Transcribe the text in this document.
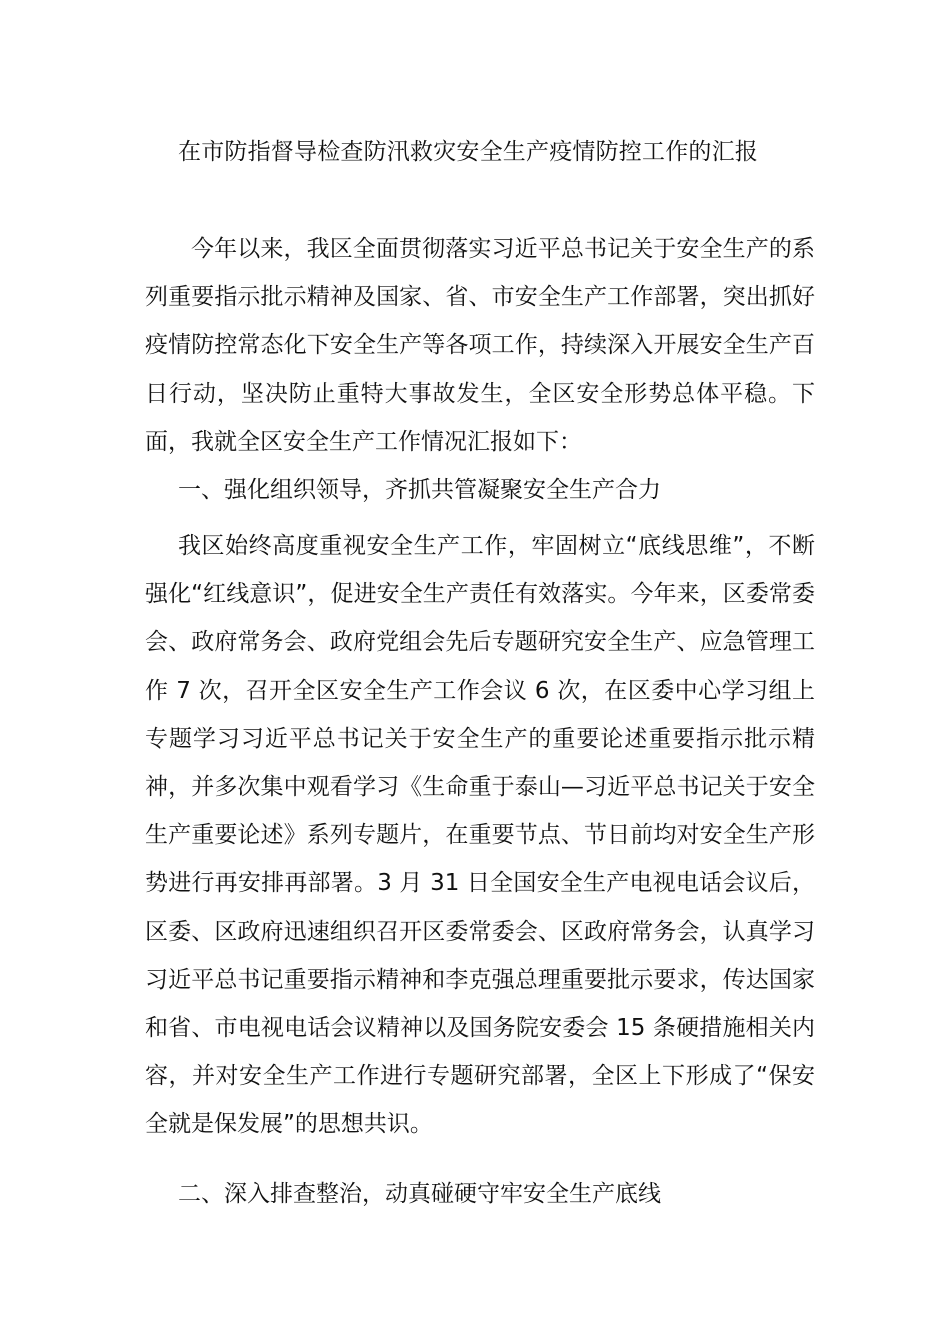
在市防指督导检查防汛救灾安全生产疫情防控工作的汇报

今年以来，我区全面贯彻落实习近平总书记关于安全生产的系列重要指示批示精神及国家、省、市安全生产工作部署，突出抓好疫情防控常态化下安全生产等各项工作，持续深入开展安全生产百日行动，坚决防止重特大事故发生，全区安全形势总体平稳。下面，我就全区安全生产工作情况汇报如下：

一、强化组织领导，齐抓共管凝聚安全生产合力

我区始终高度重视安全生产工作，牢固树立“底线思维”，不断强化“红线意识”，促进安全生产责任有效落实。今年来，区委常委会、政府常务会、政府党组会先后专题研究安全生产、应急管理工作 7 次，召开全区安全生产工作会议 6 次，在区委中心学习组上专题学习习近平总书记关于安全生产的重要论述重要指示批示精神，并多次集中观看学习《生命重于泰山—习近平总书记关于安全生产重要论述》系列专题片，在重要节点、节日前均对安全生产形势进行再安排再部署。3 月 31 日全国安全生产电视电话会议后，区委、区政府迅速组织召开区委常委会、区政府常务会，认真学习习近平总书记重要指示精神和李克强总理重要批示要求，传达国家和省、市电视电话会议精神以及国务院安委会 15 条硬措施相关内容，并对安全生产工作进行专题研究部署，全区上下形成了“保安全就是保发展”的思想共识。

二、深入排查整治，动真碰硬守牢安全生产底线
